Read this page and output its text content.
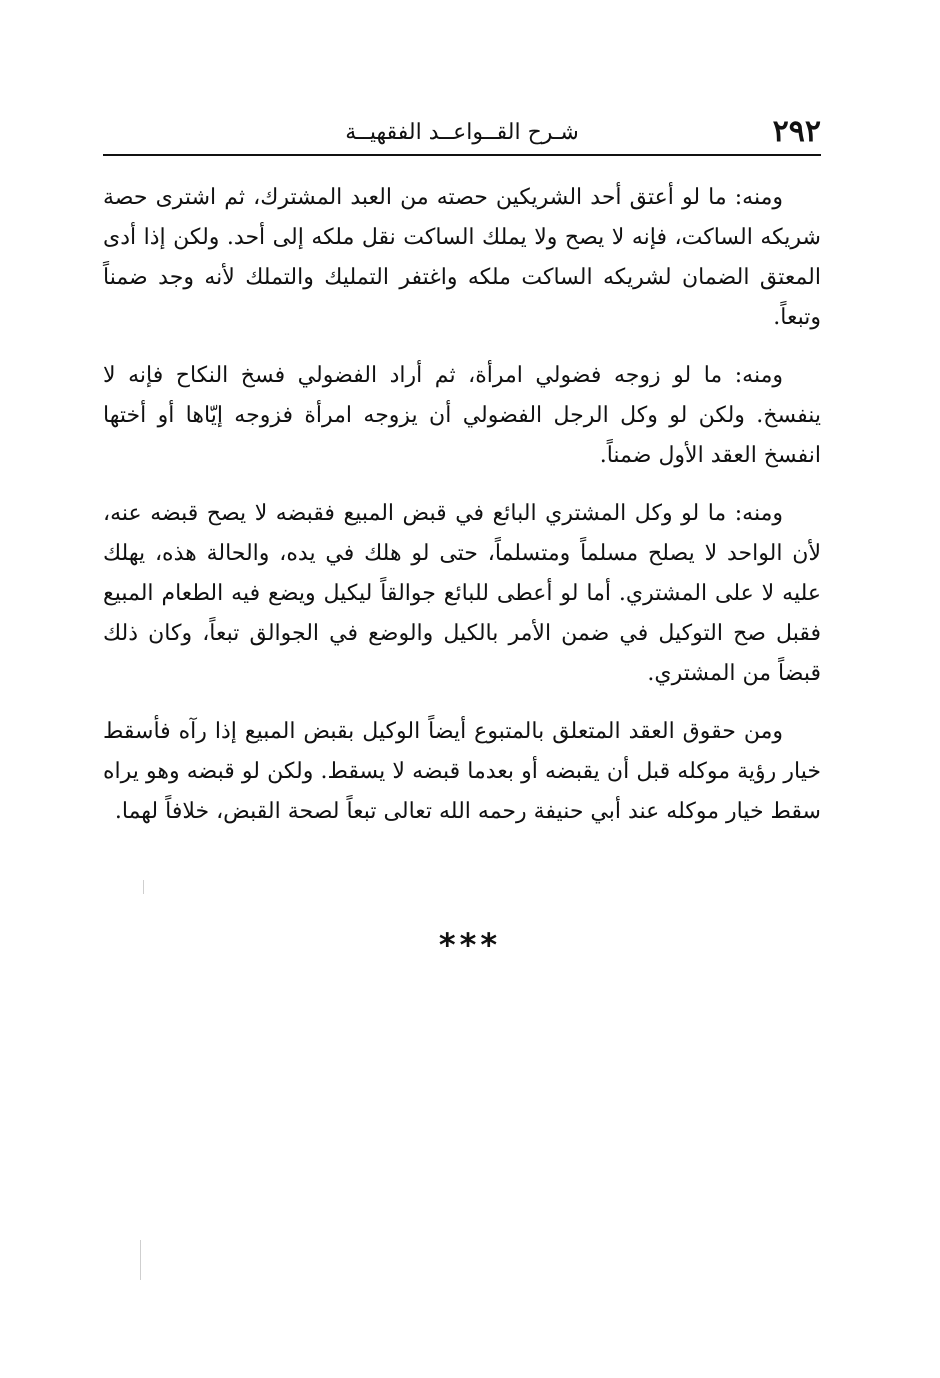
٢٩٢
شـرح القــواعــد الفقهيــة

ومنه: ما لو أعتق أحد الشريكين حصته من العبد المشترك، ثم اشترى حصة شريكه الساكت، فإنه لا يصح ولا يملك الساكت نقل ملكه إلى أحد. ولكن إذا أدى المعتق الضمان لشريكه الساكت ملكه واغتفر التمليك والتملك لأنه وجد ضمناً وتبعاً.

ومنه: ما لو زوجه فضولي امرأة، ثم أراد الفضولي فسخ النكاح فإنه لا ينفسخ. ولكن لو وكل الرجل الفضولي أن يزوجه امرأة فزوجه إيّاها أو أختها انفسخ العقد الأول ضمناً.

ومنه: ما لو وكل المشتري البائع في قبض المبيع فقبضه لا يصح قبضه عنه، لأن الواحد لا يصلح مسلماً ومتسلماً، حتى لو هلك في يده، والحالة هذه، يهلك عليه لا على المشتري. أما لو أعطى للبائع جوالقاً ليكيل ويضع فيه الطعام المبيع فقبل صح التوكيل في ضمن الأمر بالكيل والوضع في الجوالق تبعاً، وكان ذلك قبضاً من المشتري.

ومن حقوق العقد المتعلق بالمتبوع أيضاً الوكيل بقبض المبيع إذا رآه فأسقط خيار رؤية موكله قبل أن يقبضه أو بعدما قبضه لا يسقط. ولكن لو قبضه وهو يراه سقط خيار موكله عند أبي حنيفة رحمه الله تعالى تبعاً لصحة القبض، خلافاً لهما.

***
